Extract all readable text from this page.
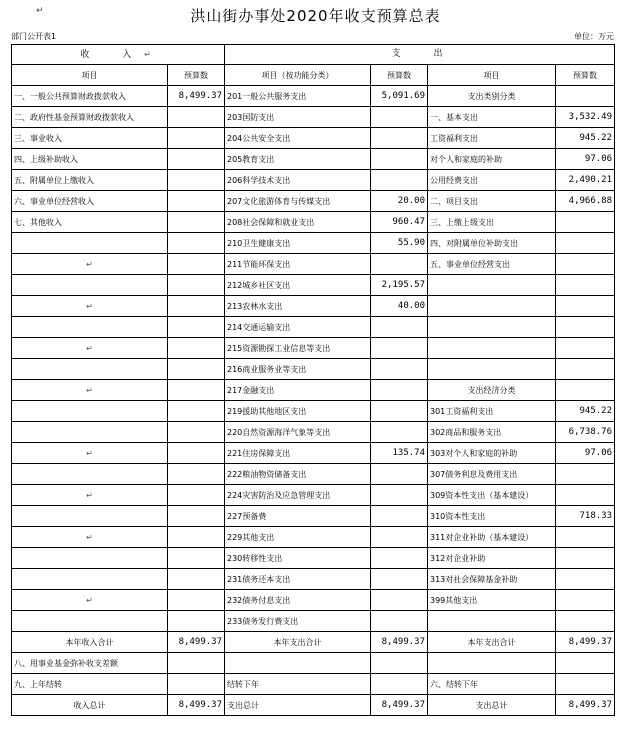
↵	洪山街办事处2020年收支预算总表
部门公开表1	单位：万元
收　　入 ↵		支　　出			
项目	预算数	项目（按功能分类）	预算数	项目	预算数
一、一般公共预算财政拨款收入	8,499.37	201一般公共服务支出	5,091.69	支出类别分类	
二、政府性基金预算财政拨款收入		203国防支出		一、基本支出	3,532.49
三、事业收入		204公共安全支出		工资福利支出	945.22
四、上级补助收入		205教育支出		对个人和家庭的补助	97.06
五、附属单位上缴收入		206科学技术支出		公用经费支出	2,490.21
六、事业单位经营收入		207文化旅游体育与传媒支出	20.00	二、项目支出	4,966.88
七、其他收入		208社会保障和就业支出	960.47	三、上缴上级支出	
		210卫生健康支出	55.90	四、对附属单位补助支出	
↵		211节能环保支出		五、事业单位经营支出	
		212城乡社区支出	2,195.57		
↵		213农林水支出	40.00		
		214交通运输支出			
↵		215资源勘探工业信息等支出			
		216商业服务业等支出			
↵		217金融支出		支出经济分类	
		219援助其他地区支出		301工资福利支出	945.22
		220自然资源海洋气象等支出		302商品和服务支出	6,738.76
↵		221住房保障支出	135.74	303对个人和家庭的补助	97.06
		222粮油物资储备支出		307债务利息及费用支出	
↵		224灾害防治及应急管理支出		309资本性支出（基本建设）	
		227预备费		310资本性支出	718.33
↵		229其他支出		311对企业补助（基本建设）	
		230转移性支出		312对企业补助	
		231债务还本支出		313对社会保障基金补助	
↵		232债务付息支出		399其他支出	
		233债务发行费支出			
本年收入合计	8,499.37	本年支出合计	8,499.37	本年支出合计	8,499.37
八、用事业基金弥补收支差额					
九、上年结转		结转下年		六、结转下年	
收入总计	8,499.37	支出总计	8,499.37	支出总计	8,499.37
